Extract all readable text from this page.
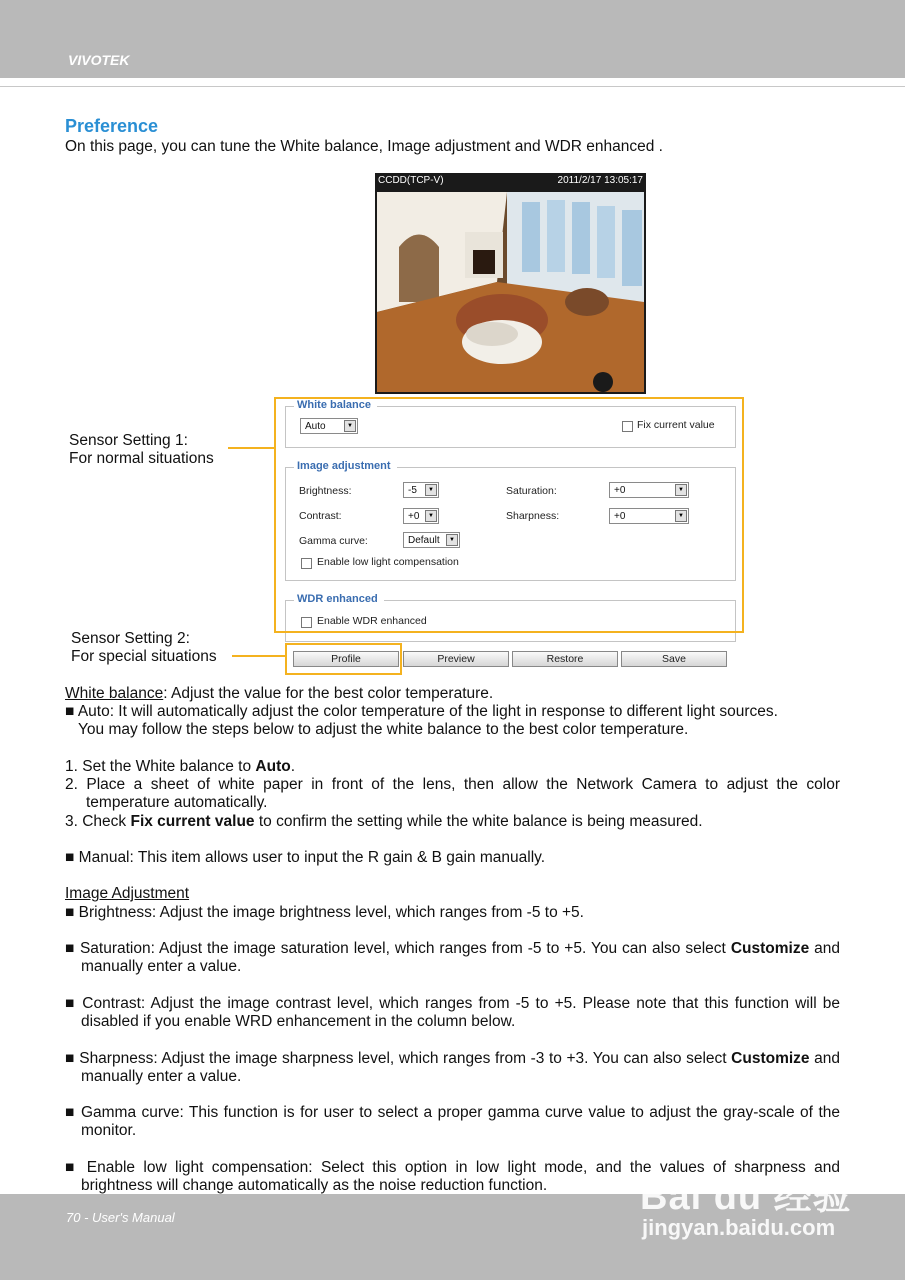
VIVOTEK
Preference
On this page, you can tune the White balance, Image adjustment and WDR enhanced .
CCDD(TCP-V)	2011/2/17 13:05:17
Sensor Setting 1:
For normal situations
Sensor Setting 2:
For special situations
White balance
Auto	▼	Fix current value
Image adjustment
Brightness:	-5	▼
Contrast:	+0	▼
Gamma curve:	Default	▼
Enable low light compensation
Saturation:	+0	▼
Sharpness:	+0	▼
WDR enhanced
Enable WDR enhanced
Profile	Preview	Restore	Save
White balance: Adjust the value for the best color temperature.
■ Auto: It will automatically adjust the color temperature of the light in response to different light sources.
You may follow the steps below to adjust the white balance to the best color temperature.
1. Set the White balance to Auto.
2. Place a sheet of white paper in front of the lens, then allow the Network Camera to adjust the color temperature automatically.
3. Check Fix current value to confirm the setting while the white balance is being measured.
■ Manual: This item allows user to input the R gain & B gain manually.
Image Adjustment
■ Brightness: Adjust the image brightness level, which ranges from -5 to +5.
■ Saturation: Adjust the image saturation level, which ranges from -5 to +5. You can also select Customize and manually enter a value.
■ Contrast: Adjust the image contrast level, which ranges from -5 to +5. Please note that this function will be disabled if you enable WRD enhancement in the column below.
■ Sharpness: Adjust the image sharpness level, which ranges from -3 to +3. You can also select Customize and manually enter a value.
■ Gamma curve: This function is for user to select a proper gamma curve value to adjust the gray-scale of the monitor.
■ Enable low light compensation: Select this option in low light mode, and the values of sharpness and brightness will change automatically as the noise reduction function.
70 - User's Manual	Bai du 经验
jingyan.baidu.com
